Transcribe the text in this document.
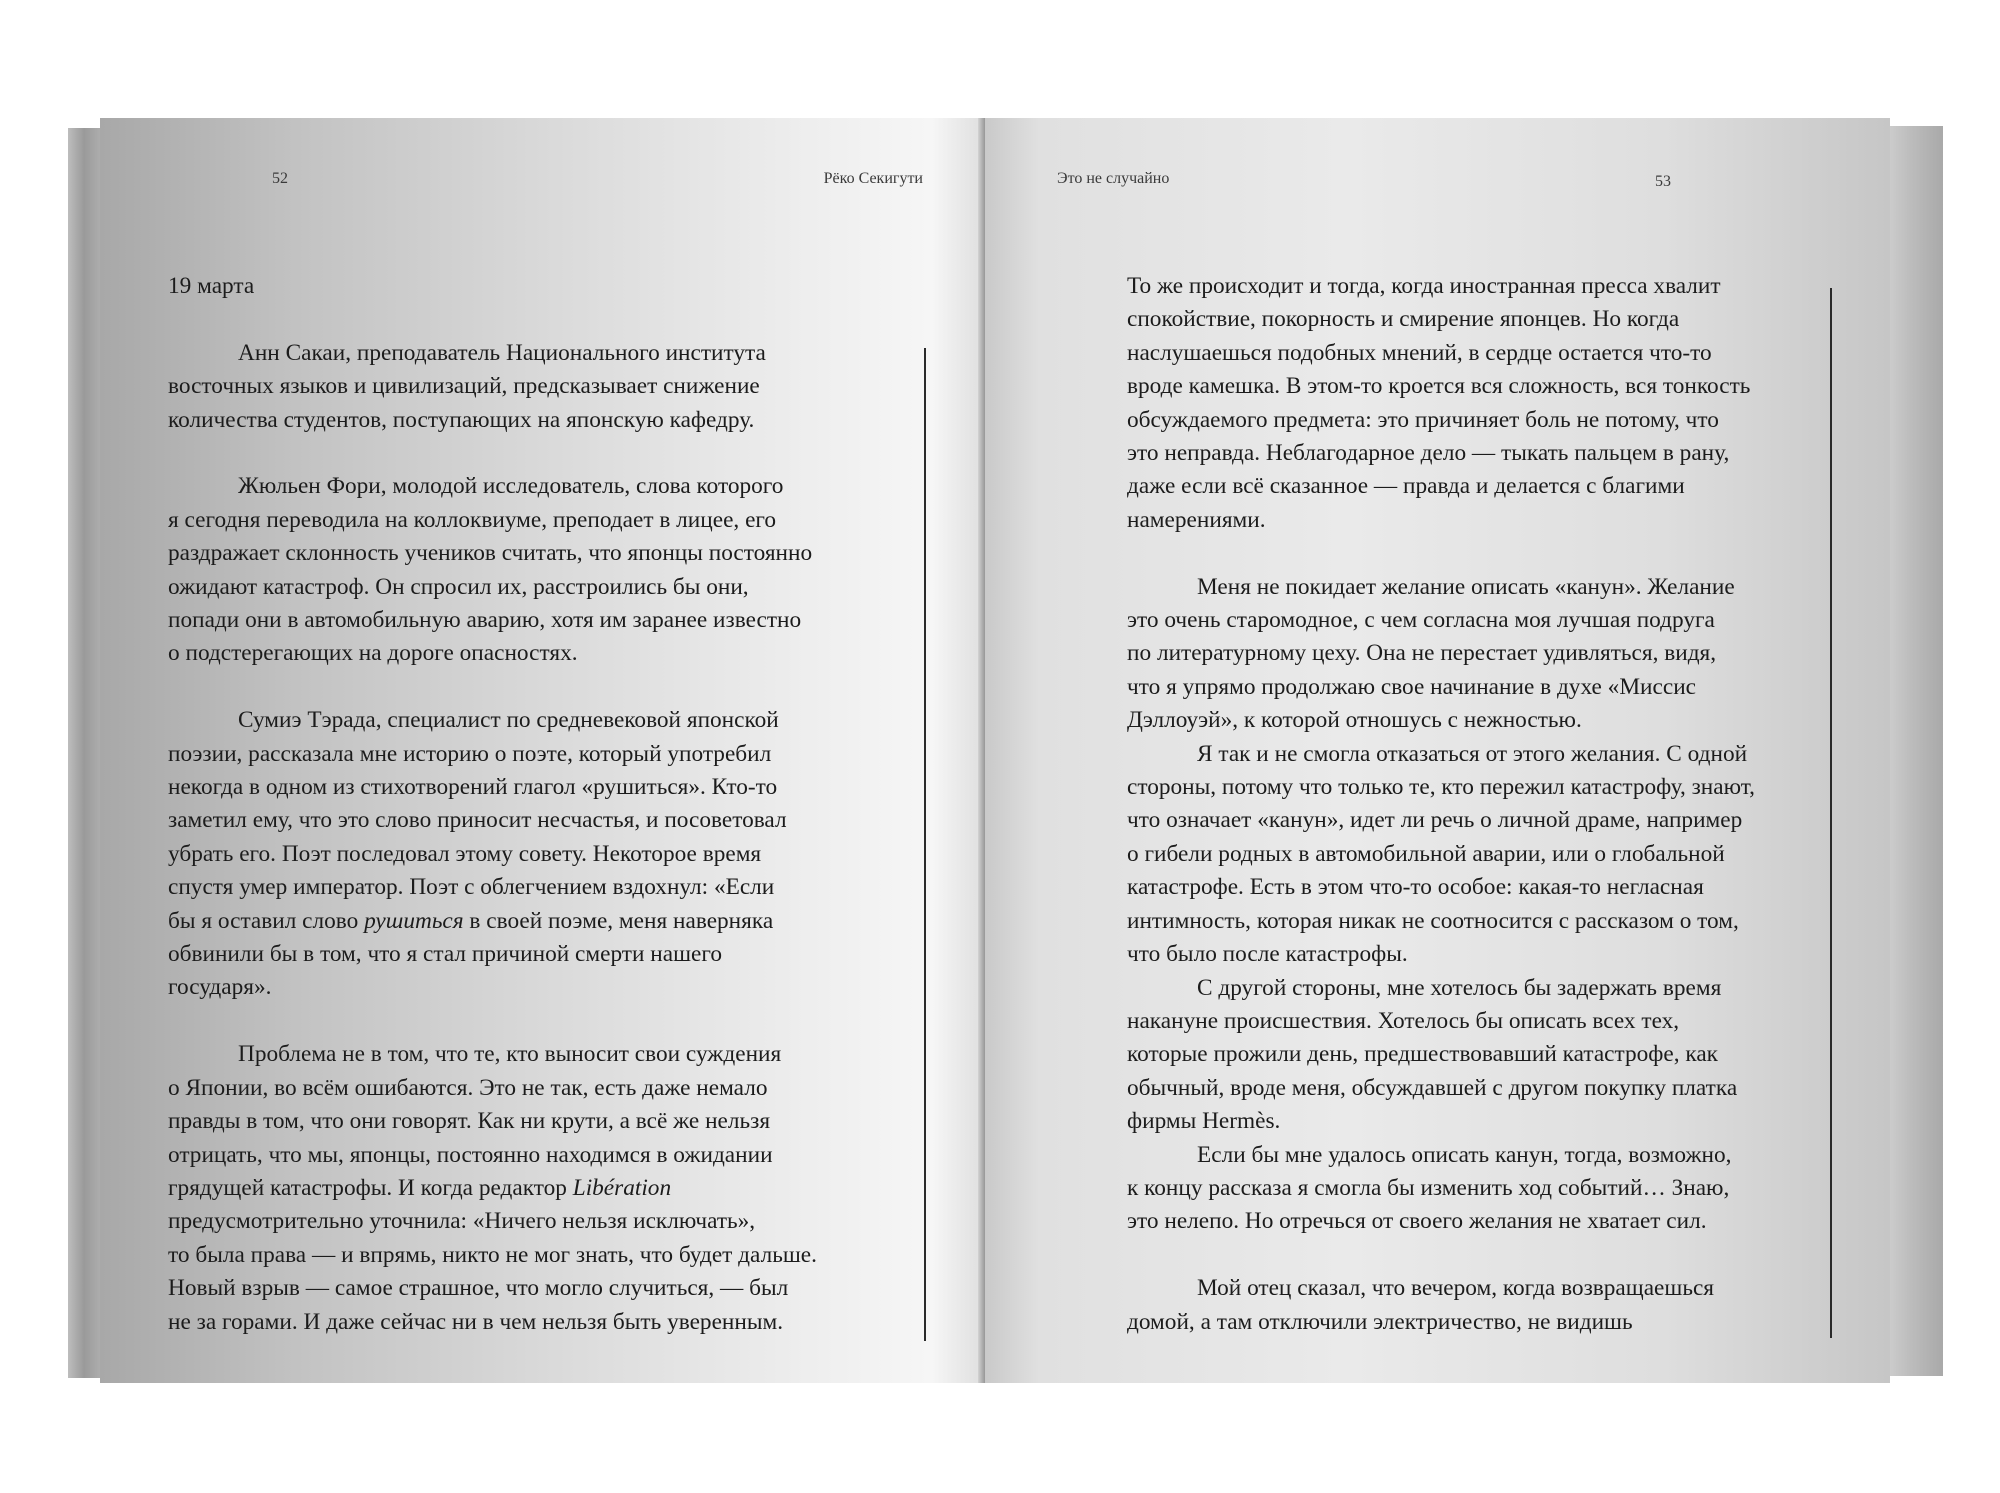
52	Рёко Секигути

19 марта

Анн Сакаи, преподаватель Национального института
восточных языков и цивилизаций, предсказывает снижение
количества студентов, поступающих на японскую кафедру.

Жюльен Фори, молодой исследователь, слова которого
я сегодня переводила на коллоквиуме, преподает в лицее, его
раздражает склонность учеников считать, что японцы постоянно
ожидают катастроф. Он спросил их, расстроились бы они,
попади они в автомобильную аварию, хотя им заранее известно
о подстерегающих на дороге опасностях.

Сумиэ Тэрада, специалист по средневековой японской
поэзии, рассказала мне историю о поэте, который употребил
некогда в одном из стихотворений глагол «рушиться». Кто-то
заметил ему, что это слово приносит несчастья, и посоветовал
убрать его. Поэт последовал этому совету. Некоторое время
спустя умер император. Поэт с облегчением вздохнул: «Если
бы я оставил слово рушиться в своей поэме, меня наверняка
обвинили бы в том, что я стал причиной смерти нашего
государя».

Проблема не в том, что те, кто выносит свои суждения
о Японии, во всём ошибаются. Это не так, есть даже немало
правды в том, что они говорят. Как ни крути, а всё же нельзя
отрицать, что мы, японцы, постоянно находимся в ожидании
грядущей катастрофы. И когда редактор Libération
предусмотрительно уточнила: «Ничего нельзя исключать»,
то была права — и впрямь, никто не мог знать, что будет дальше.
Новый взрыв — самое страшное, что могло случиться, — был
не за горами. И даже сейчас ни в чем нельзя быть уверенным.

Это не случайно	53

То же происходит и тогда, когда иностранная пресса хвалит
спокойствие, покорность и смирение японцев. Но когда
наслушаешься подобных мнений, в сердце остается что-то
вроде камешка. В этом-то кроется вся сложность, вся тонкость
обсуждаемого предмета: это причиняет боль не потому, что
это неправда. Неблагодарное дело — тыкать пальцем в рану,
даже если всё сказанное — правда и делается с благими
намерениями.

Меня не покидает желание описать «канун». Желание
это очень старомодное, с чем согласна моя лучшая подруга
по литературному цеху. Она не перестает удивляться, видя,
что я упрямо продолжаю свое начинание в духе «Миссис
Дэллоуэй», к которой отношусь с нежностью.

Я так и не смогла отказаться от этого желания. С одной
стороны, потому что только те, кто пережил катастрофу, знают,
что означает «канун», идет ли речь о личной драме, например
о гибели родных в автомобильной аварии, или о глобальной
катастрофе. Есть в этом что-то особое: какая-то негласная
интимность, которая никак не соотносится с рассказом о том,
что было после катастрофы.

С другой стороны, мне хотелось бы задержать время
накануне происшествия. Хотелось бы описать всех тех,
которые прожили день, предшествовавший катастрофе, как
обычный, вроде меня, обсуждавшей с другом покупку платка
фирмы Hermès.

Если бы мне удалось описать канун, тогда, возможно,
к концу рассказа я смогла бы изменить ход событий… Знаю,
это нелепо. Но отречься от своего желания не хватает сил.

Мой отец сказал, что вечером, когда возвращаешься
домой, а там отключили электричество, не видишь
